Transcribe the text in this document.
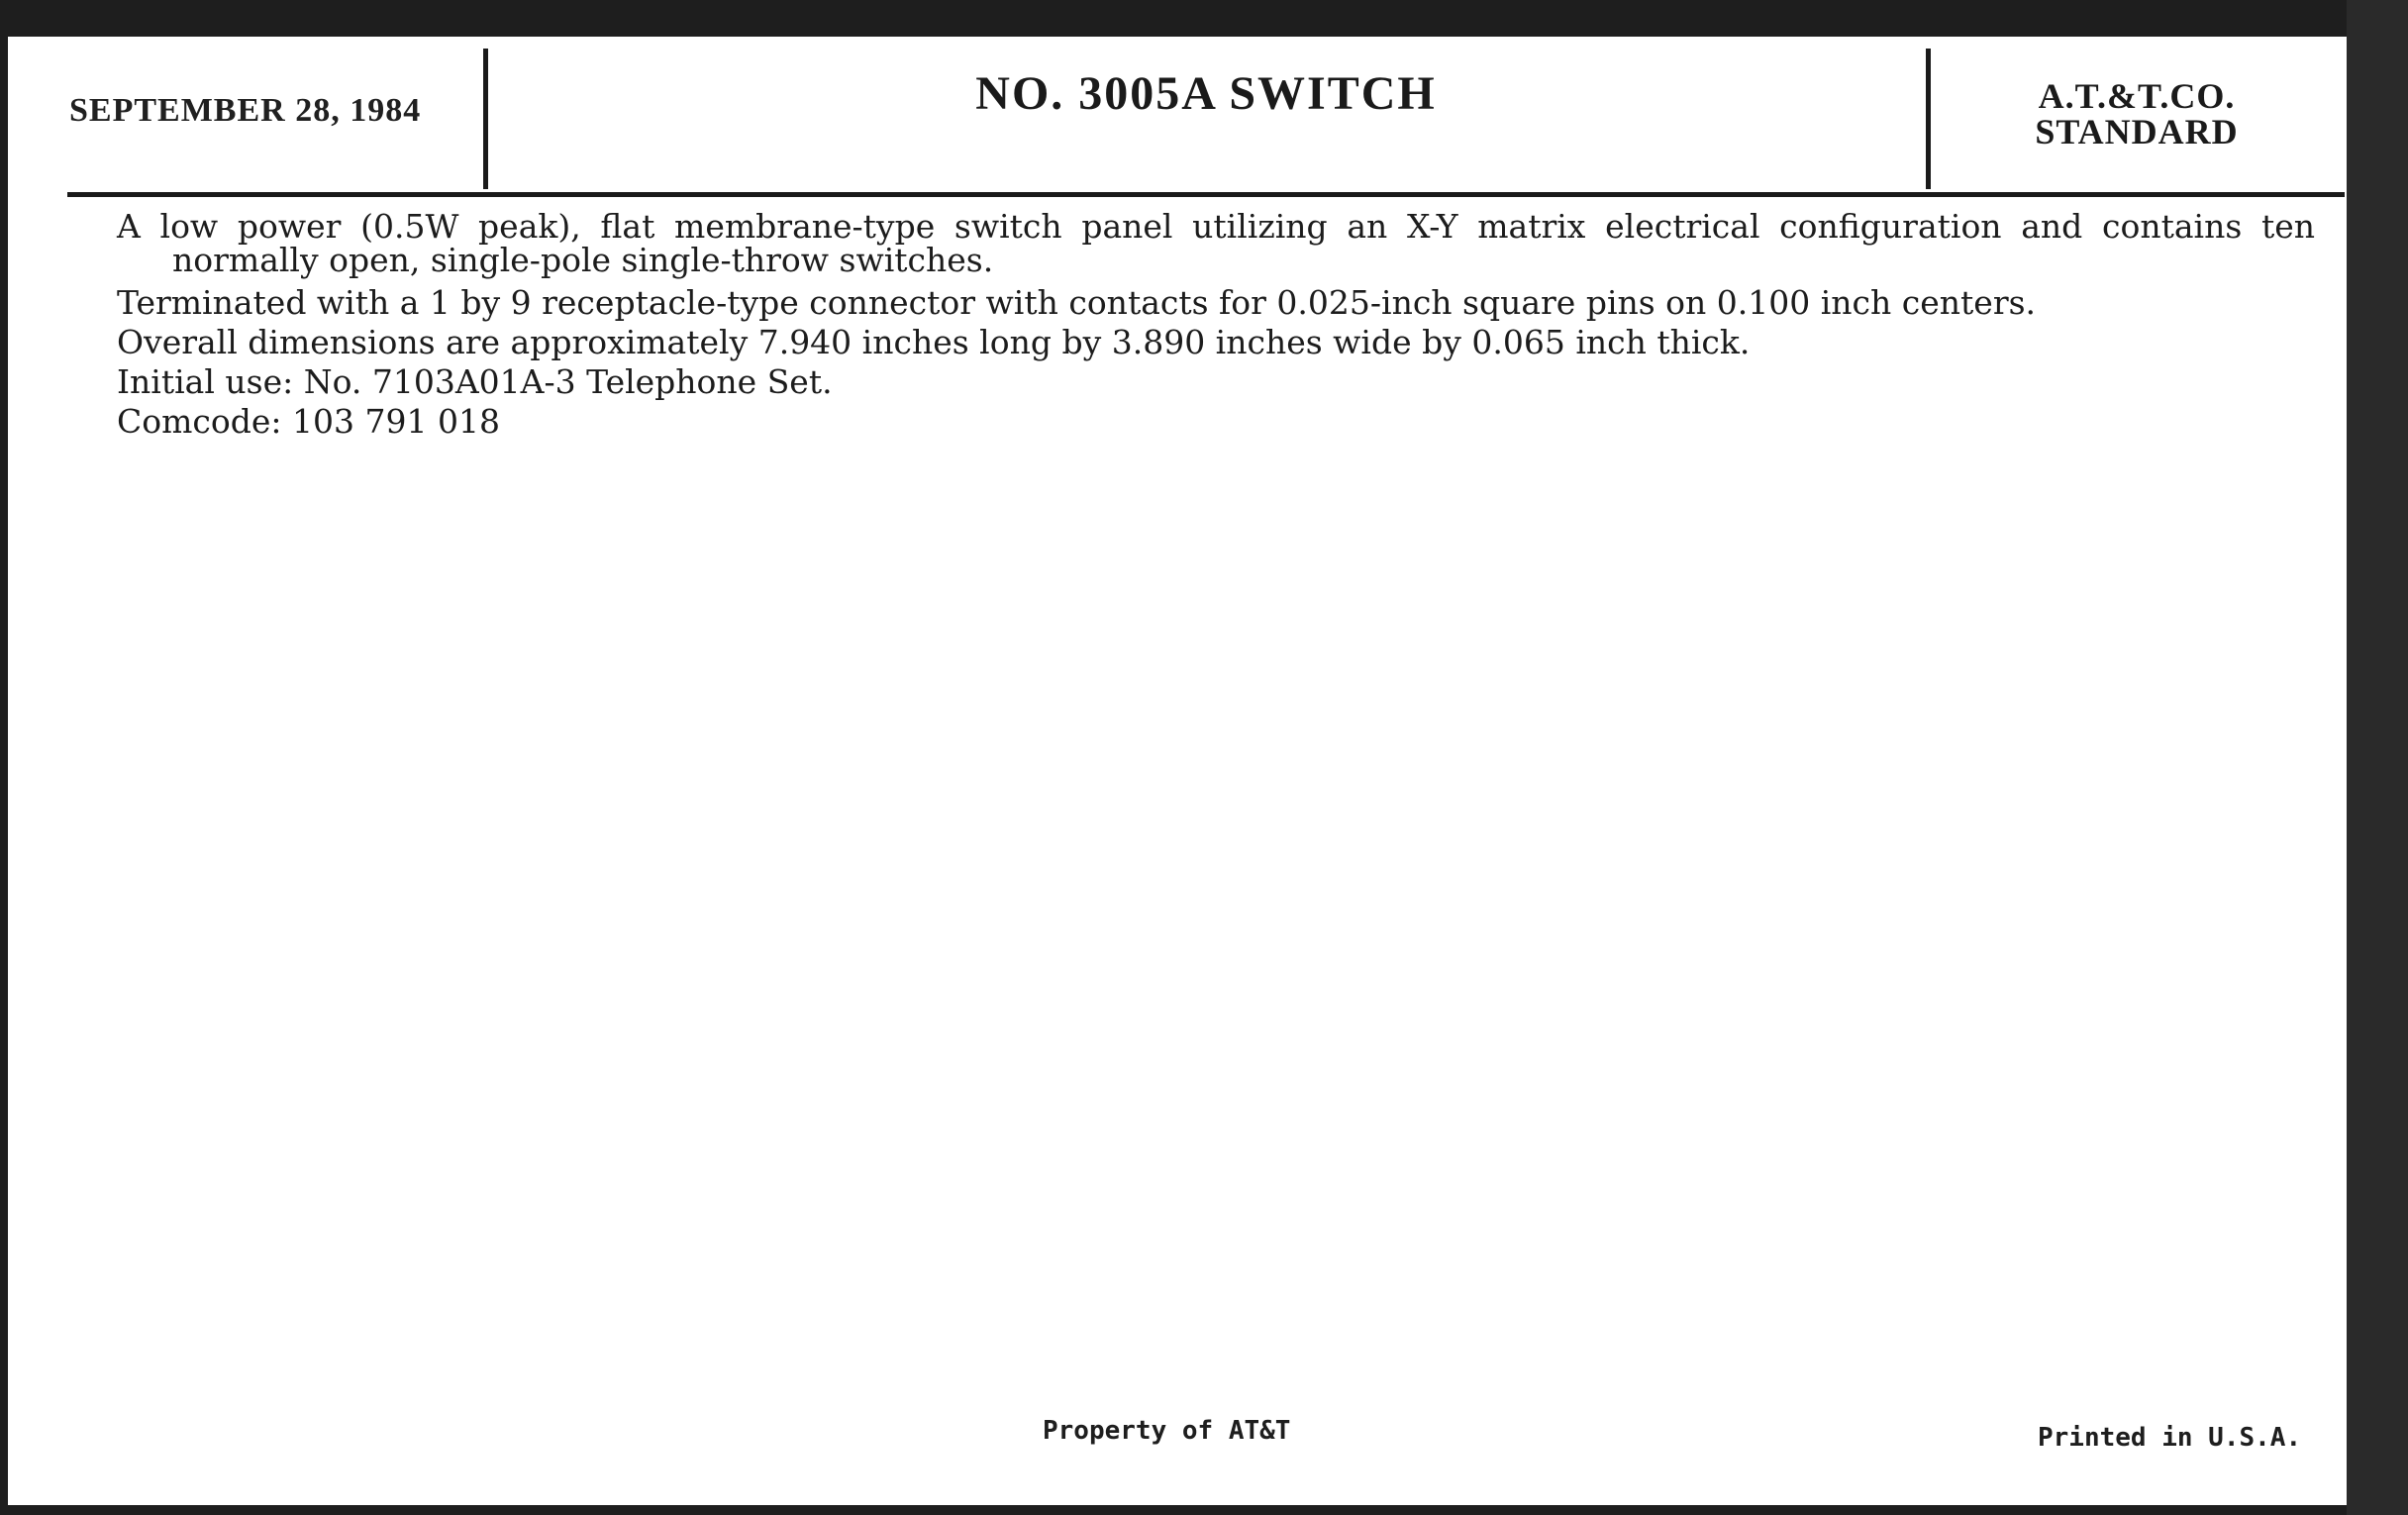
SEPTEMBER 28, 1984	NO. 3005A SWITCH	A.T.&T.CO.
STANDARD

A low power (0.5W peak), flat membrane-type switch panel utilizing an X-Y matrix electrical configuration and contains ten normally open, single-pole single-throw switches.

Terminated with a 1 by 9 receptacle-type connector with contacts for 0.025-inch square pins on 0.100 inch centers.

Overall dimensions are approximately 7.940 inches long by 3.890 inches wide by 0.065 inch thick.

Initial use: No. 7103A01A-3 Telephone Set.

Comcode: 103 791 018

Property of AT&T	Printed in U.S.A.
